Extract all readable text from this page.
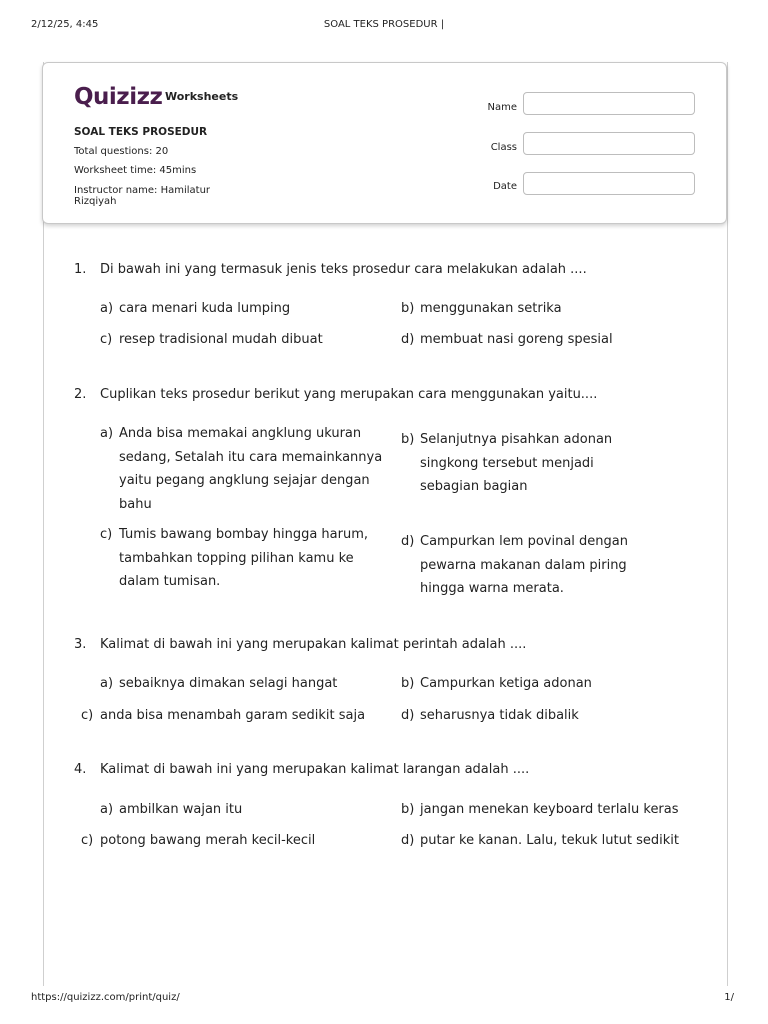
2/12/25, 4:45	SOAL TEKS PROSEDUR |
Quizizz Worksheets
SOAL TEKS PROSEDUR
Total questions: 20
Worksheet time: 45mins
Instructor name: Hamilatur Rizqiyah
Name
Class
Date
1. Di bawah ini yang termasuk jenis teks prosedur cara melakukan adalah ....
a) cara menari kuda lumping	b) menggunakan setrika
c) resep tradisional mudah dibuat	d) membuat nasi goreng spesial
2. Cuplikan teks prosedur berikut yang merupakan cara menggunakan yaitu....
a) Anda bisa memakai angklung ukuran sedang, Setalah itu cara memainkannya yaitu pegang angklung sejajar dengan bahu
b) Selanjutnya pisahkan adonan singkong tersebut menjadi sebagian bagian
c) Tumis bawang bombay hingga harum, tambahkan topping pilihan kamu ke dalam tumisan.
d) Campurkan lem povinal dengan pewarna makanan dalam piring hingga warna merata.
3. Kalimat di bawah ini yang merupakan kalimat perintah adalah ....
a) sebaiknya dimakan selagi hangat	b) Campurkan ketiga adonan
c) anda bisa menambah garam sedikit saja	d) seharusnya tidak dibalik
4. Kalimat di bawah ini yang merupakan kalimat larangan adalah ....
a) ambilkan wajan itu	b) jangan menekan keyboard terlalu keras
c) potong bawang merah kecil-kecil	d) putar ke kanan. Lalu, tekuk lutut sedikit
https://quizizz.com/print/quiz/	1/
